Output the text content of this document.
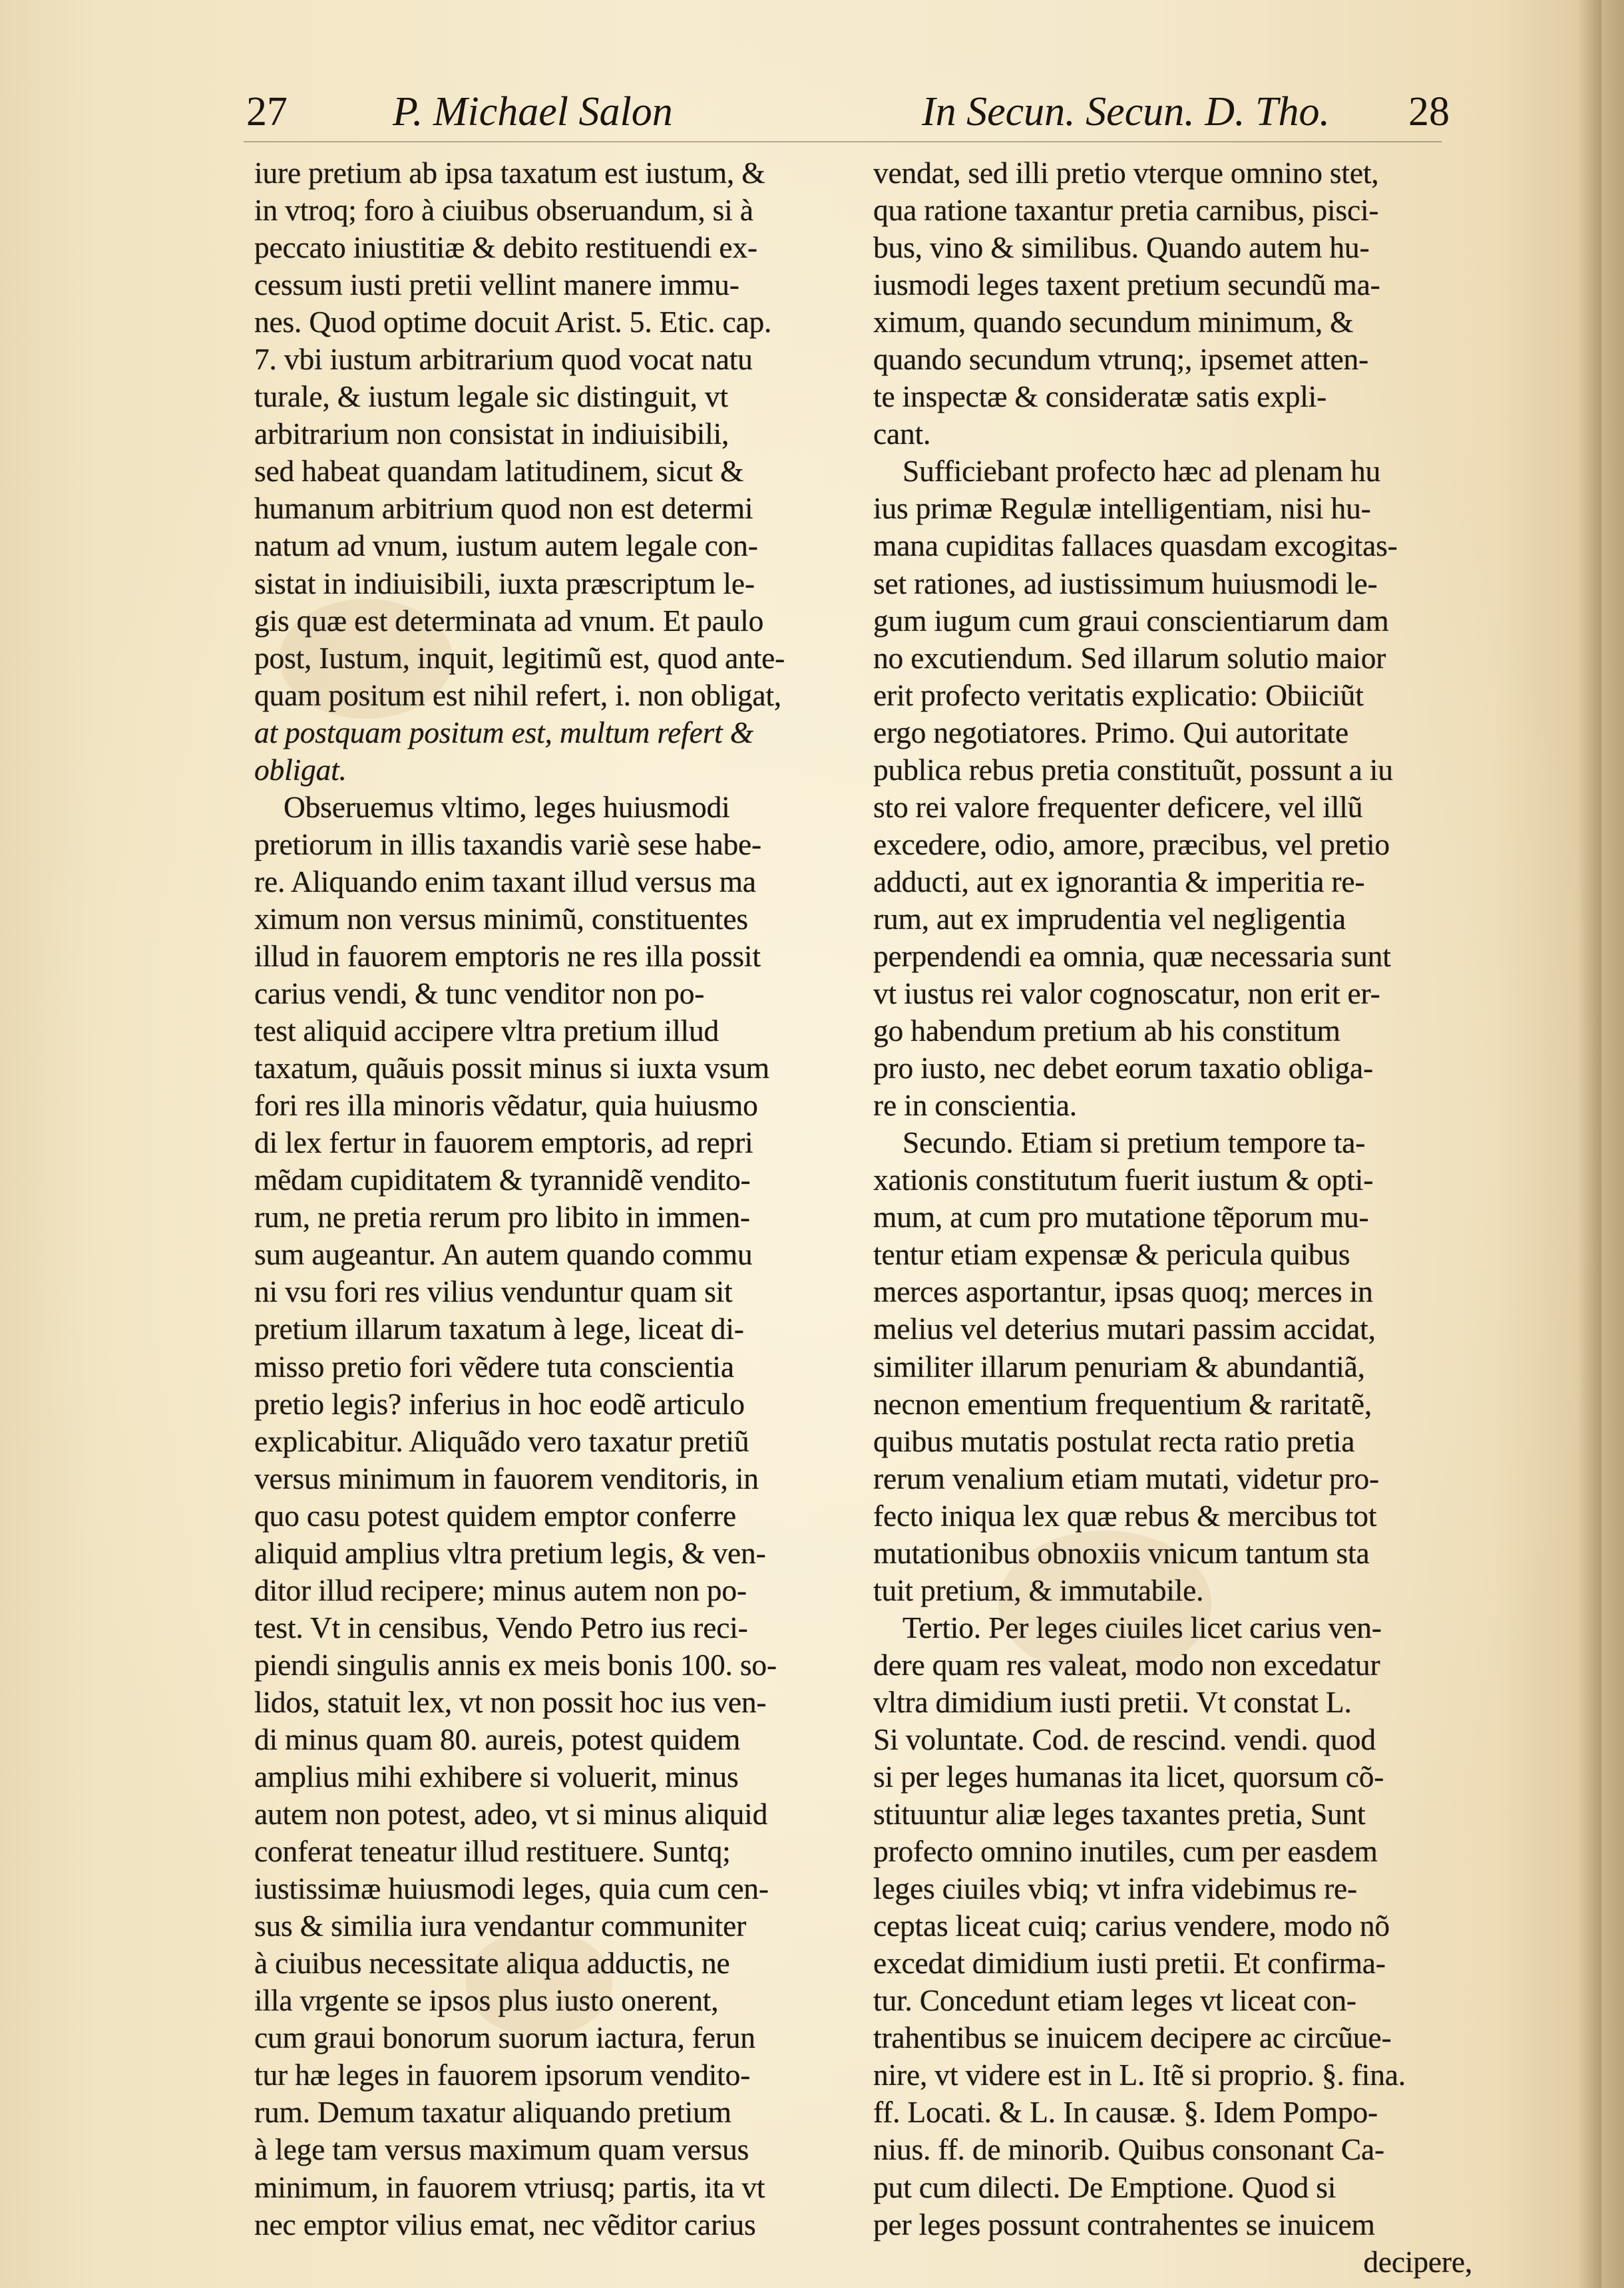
27	P. Michael Salon	In Secun. Secun. D. Tho. 28
iure pretium ab ipsa taxatum est iustum, &
in vtroq; foro à ciuibus obseruandum, si à
peccato iniustitiæ & debito restituendi ex-
cessum iusti pretii vellint manere immu-
nes. Quod optime docuit Arist. 5. Etic. cap.
7. vbi iustum arbitrarium quod vocat natu
turale, & iustum legale sic distinguit, vt
arbitrarium non consistat in indiuisibili,
sed habeat quandam latitudinem, sicut &
humanum arbitrium quod non est determi
natum ad vnum, iustum autem legale con-
sistat in indiuisibili, iuxta præscriptum le-
gis quæ est determinata ad vnum. Et paulo
post, Iustum, inquit, legitimũ est, quod ante-
quam positum est nihil refert, i. non obligat,
at postquam positum est, multum refert &
obligat.
Obseruemus vltimo, leges huiusmodi
pretiorum in illis taxandis variè sese habe-
re. Aliquando enim taxant illud versus ma
ximum non versus minimũ, constituentes
illud in fauorem emptoris ne res illa possit
carius vendi, & tunc venditor non po-
test aliquid accipere vltra pretium illud
taxatum, quãuis possit minus si iuxta vsum
fori res illa minoris vẽdatur, quia huiusmo
di lex fertur in fauorem emptoris, ad repri
mẽdam cupiditatem & tyrannidẽ vendito-
rum, ne pretia rerum pro libito in immen-
sum augeantur. An autem quando commu
ni vsu fori res vilius venduntur quam sit
pretium illarum taxatum à lege, liceat di-
misso pretio fori vẽdere tuta conscientia
pretio legis? inferius in hoc eodẽ articulo
explicabitur. Aliquãdo vero taxatur pretiũ
versus minimum in fauorem venditoris, in
quo casu potest quidem emptor conferre
aliquid amplius vltra pretium legis, & ven-
ditor illud recipere; minus autem non po-
test. Vt in censibus, Vendo Petro ius reci-
piendi singulis annis ex meis bonis 100. so-
lidos, statuit lex, vt non possit hoc ius ven-
di minus quam 80. aureis, potest quidem
amplius mihi exhibere si voluerit, minus
autem non potest, adeo, vt si minus aliquid
conferat teneatur illud restituere. Suntq;
iustissimæ huiusmodi leges, quia cum cen-
sus & similia iura vendantur communiter
à ciuibus necessitate aliqua adductis, ne
illa vrgente se ipsos plus iusto onerent,
cum graui bonorum suorum iactura, ferun
tur hæ leges in fauorem ipsorum vendito-
rum. Demum taxatur aliquando pretium
à lege tam versus maximum quam versus
minimum, in fauorem vtriusq; partis, ita vt
nec emptor vilius emat, nec vẽditor carius
vendat, sed illi pretio vterque omnino stet,
qua ratione taxantur pretia carnibus, pisci-
bus, vino & similibus. Quando autem hu-
iusmodi leges taxent pretium secundũ ma-
ximum, quando secundum minimum, &
quando secundum vtrunq;, ipsemet atten-
te inspectæ & consideratæ satis expli-
cant.
Sufficiebant profecto hæc ad plenam hu
ius primæ Regulæ intelligentiam, nisi hu-
mana cupiditas fallaces quasdam excogitas-
set rationes, ad iustissimum huiusmodi le-
gum iugum cum graui conscientiarum dam
no excutiendum. Sed illarum solutio maior
erit profecto veritatis explicatio: Obiiciũt
ergo negotiatores. Primo. Qui autoritate
publica rebus pretia constituũt, possunt a iu
sto rei valore frequenter deficere, vel illũ
excedere, odio, amore, præcibus, vel pretio
adducti, aut ex ignorantia & imperitia re-
rum, aut ex imprudentia vel negligentia
perpendendi ea omnia, quæ necessaria sunt
vt iustus rei valor cognoscatur, non erit er-
go habendum pretium ab his constitum
pro iusto, nec debet eorum taxatio obliga-
re in conscientia.
Secundo. Etiam si pretium tempore ta-
xationis constitutum fuerit iustum & opti-
mum, at cum pro mutatione tẽporum mu-
tentur etiam expensæ & pericula quibus
merces asportantur, ipsas quoq; merces in
melius vel deterius mutari passim accidat,
similiter illarum penuriam & abundantiã,
necnon ementium frequentium & raritatẽ,
quibus mutatis postulat recta ratio pretia
rerum venalium etiam mutati, videtur pro-
fecto iniqua lex quæ rebus & mercibus tot
mutationibus obnoxiis vnicum tantum sta
tuit pretium, & immutabile.
Tertio. Per leges ciuiles licet carius ven-
dere quam res valeat, modo non excedatur
vltra dimidium iusti pretii. Vt constat L.
Si voluntate. Cod. de rescind. vendi. quod
si per leges humanas ita licet, quorsum cõ-
stituuntur aliæ leges taxantes pretia, Sunt
profecto omnino inutiles, cum per easdem
leges ciuiles vbiq; vt infra videbimus re-
ceptas liceat cuiq; carius vendere, modo nõ
excedat dimidium iusti pretii. Et confirma-
tur. Concedunt etiam leges vt liceat con-
trahentibus se inuicem decipere ac circũue-
nire, vt videre est in L. Itẽ si proprio. §. fina.
ff. Locati. & L. In causæ. §. Idem Pompo-
nius. ff. de minorib. Quibus consonant Ca-
put cum dilecti. De Emptione. Quod si
per leges possunt contrahentes se inuicem
decipere,
